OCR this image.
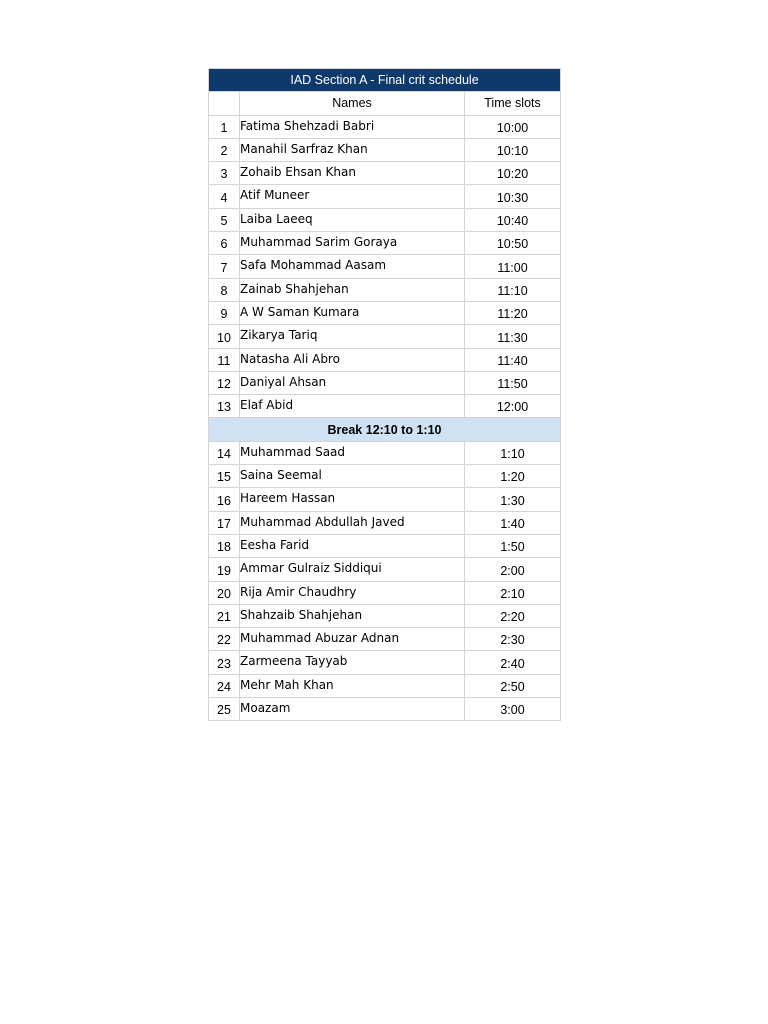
IAD Section A - Final crit schedule		
	Names	Time slots
1	Fatima Shehzadi Babri	10:00
2	Manahil Sarfraz Khan	10:10
3	Zohaib Ehsan Khan	10:20
4	Atif Muneer	10:30
5	Laiba Laeeq	10:40
6	Muhammad Sarim Goraya	10:50
7	Safa Mohammad Aasam	11:00
8	Zainab Shahjehan	11:10
9	A W Saman Kumara	11:20
10	Zikarya Tariq	11:30
11	Natasha Ali Abro	11:40
12	Daniyal Ahsan	11:50
13	Elaf Abid	12:00
Break 12:10 to 1:10		
14	Muhammad Saad	1:10
15	Saina Seemal	1:20
16	Hareem Hassan	1:30
17	Muhammad Abdullah Javed	1:40
18	Eesha Farid	1:50
19	Ammar Gulraiz Siddiqui	2:00
20	Rija Amir Chaudhry	2:10
21	Shahzaib Shahjehan	2:20
22	Muhammad Abuzar Adnan	2:30
23	Zarmeena Tayyab	2:40
24	Mehr Mah Khan	2:50
25	Moazam	3:00
